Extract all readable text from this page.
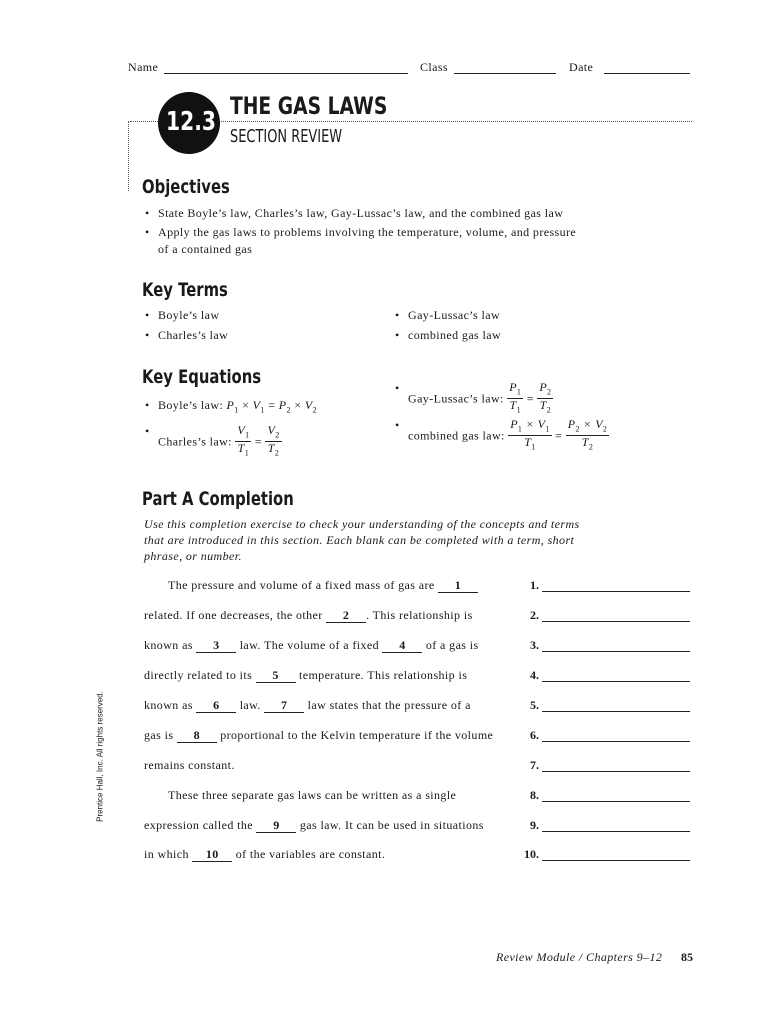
Name	Class	Date
12.3
THE GAS LAWS
SECTION REVIEW
Objectives
• State Boyle’s law, Charles’s law, Gay-Lussac’s law, and the combined gas law
• Apply the gas laws to problems involving the temperature, volume, and pressure
of a contained gas
Key Terms
• Boyle’s law
• Charles’s law
• Gay-Lussac’s law
• combined gas law
Key Equations
• Boyle’s law: $P_1 \times V_1 = P_2 \times V_2$
• Charles’s law: $\frac{V_1}{T_1} = \frac{V_2}{T_2}$
• Gay-Lussac’s law: $\frac{P_1}{T_1} = \frac{P_2}{T_2}$
• combined gas law: $\frac{P_1 \times V_1}{T_1} = \frac{P_2 \times V_2}{T_2}$
Part A Completion
Use this completion exercise to check your understanding of the concepts and terms
that are introduced in this section. Each blank can be completed with a term, short
phrase, or number.
The pressure and volume of a fixed mass of gas are 1
related. If one decreases, the other 2 . This relationship is
known as 3 law. The volume of a fixed 4 of a gas is
directly related to its 5 temperature. This relationship is
known as 6 law. 7 law states that the pressure of a
gas is 8 proportional to the Kelvin temperature if the volume
remains constant.
These three separate gas laws can be written as a single
expression called the 9 gas law. It can be used in situations
in which 10 of the variables are constant.
1.
2.
3.
4.
5.
6.
7.
8.
9.
10.
Prentice Hall, Inc. All rights reserved.
Review Module / Chapters 9–12 85
